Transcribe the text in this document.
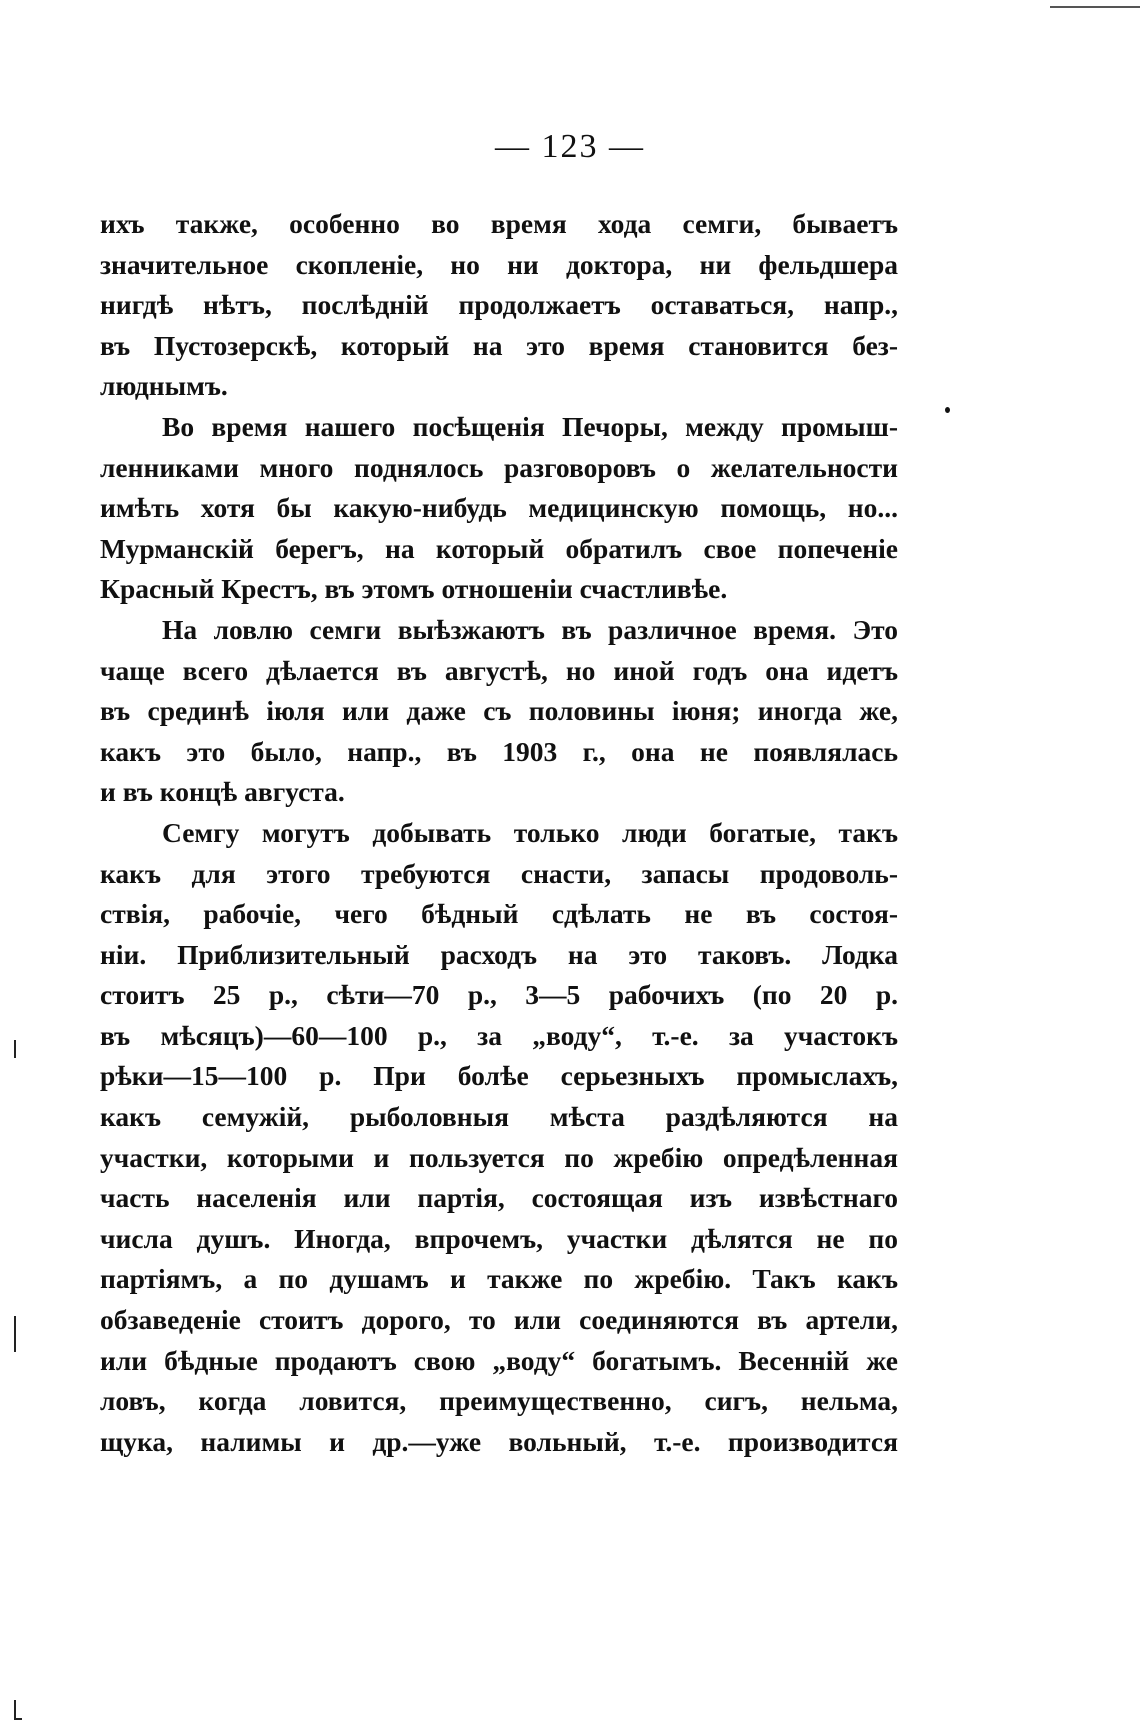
— 123 —
ихъ также, особенно во время хода семги, бываетъ
значительное скопленіе, но ни доктора, ни фельдшера
нигдѣ нѣтъ, послѣдній продолжаетъ оставаться, напр.,
въ Пустозерскѣ, который на это время становится без-
люднымъ.
Во время нашего посѣщенія Печоры, между промыш-
ленниками много поднялось разговоровъ о желательности
имѣть хотя бы какую-нибудь медицинскую помощь, но...
Мурманскій берегъ, на который обратилъ свое попеченіе
Красный Крестъ, въ этомъ отношеніи счастливѣе.
На ловлю семги выѣзжаютъ въ различное время. Это
чаще всего дѣлается въ августѣ, но иной годъ она идетъ
въ срединѣ іюля или даже съ половины іюня; иногда же,
какъ это было, напр., въ 1903 г., она не появлялась
и въ концѣ августа.
Семгу могутъ добывать только люди богатые, такъ
какъ для этого требуются снасти, запасы продоволь-
ствія, рабочіе, чего бѣдный сдѣлать не въ состоя-
ніи. Приблизительный расходъ на это таковъ. Лодка
стоитъ 25 р., сѣти—70 р., 3—5 рабочихъ (по 20 р.
въ мѣсяцъ)—60—100 р., за „воду“, т.-е. за участокъ
рѣки—15—100 р. При болѣе серьезныхъ промыслахъ,
какъ семужій, рыболовныя мѣста раздѣляются на
участки, которыми и пользуется по жребію опредѣленная
часть населенія или партія, состоящая изъ извѣстнаго
числа душъ. Иногда, впрочемъ, участки дѣлятся не по
партіямъ, а по душамъ и также по жребію. Такъ какъ
обзаведеніе стоитъ дорого, то или соединяются въ артели,
или бѣдные продаютъ свою „воду“ богатымъ. Весенній же
ловъ, когда ловится, преимущественно, сигъ, нельма,
щука, налимы и др.—уже вольный, т.-е. производится
